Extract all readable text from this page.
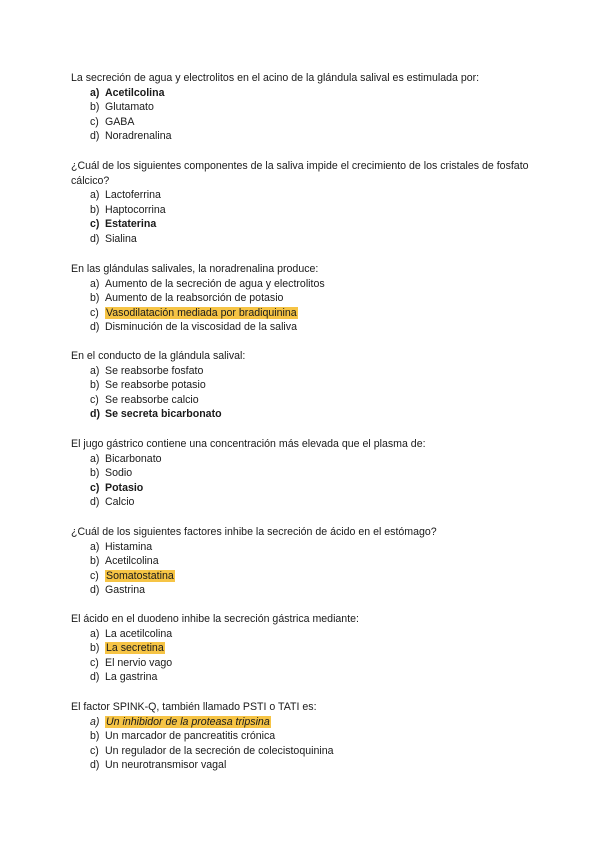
La secreción de agua y electrolitos en el acino de la glándula salival es estimulada por:

a) Acetilcolina
b) Glutamato
c) GABA
d) Noradrenalina

¿Cuál de los siguientes componentes de la saliva impide el crecimiento de los cristales de fosfato cálcico?

a) Lactoferrina
b) Haptocorrina
c) Estaterina
d) Sialina

En las glándulas salivales, la noradrenalina produce:

a) Aumento de la secreción de agua y electrolitos
b) Aumento de la reabsorción de potasio
c) Vasodilatación mediada por bradiquinina
d) Disminución de la viscosidad de la saliva

En el conducto de la glándula salival:

a) Se reabsorbe fosfato
b) Se reabsorbe potasio
c) Se reabsorbe calcio
d) Se secreta bicarbonato

El jugo gástrico contiene una concentración más elevada que el plasma de:

a) Bicarbonato
b) Sodio
c) Potasio
d) Calcio

¿Cuál de los siguientes factores inhibe la secreción de ácido en el estómago?

a) Histamina
b) Acetilcolina
c) Somatostatina
d) Gastrina

El ácido en el duodeno inhibe la secreción gástrica mediante:

a) La acetilcolina
b) La secretina
c) El nervio vago
d) La gastrina

El factor SPINK-Q, también llamado PSTI o TATI es:

a) Un inhibidor de la proteasa tripsina
b) Un marcador de pancreatitis crónica
c) Un regulador de la secreción de colecistoquinina
d) Un neurotransmisor vagal
